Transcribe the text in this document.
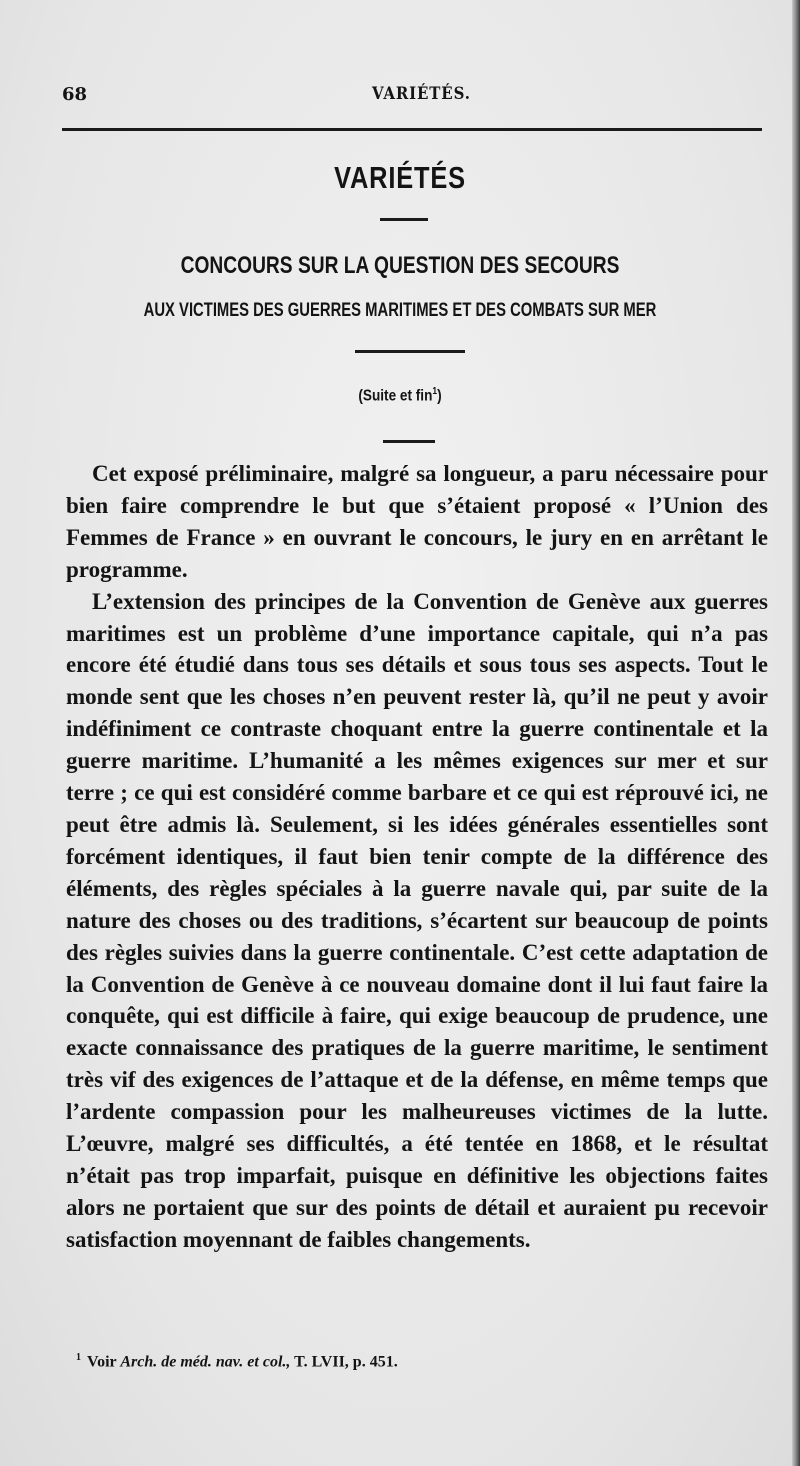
68	VARIÉTÉS.
VARIÉTÉS
CONCOURS SUR LA QUESTION DES SECOURS
AUX VICTIMES DES GUERRES MARITIMES ET DES COMBATS SUR MER
(Suite et fin$^1$)

Cet exposé préliminaire, malgré sa longueur, a paru nécessaire pour bien faire comprendre le but que s’étaient proposé « l’Union des Femmes de France » en ouvrant le concours, le jury en en arrêtant le programme.

L’extension des principes de la Convention de Genève aux guerres maritimes est un problème d’une importance capitale, qui n’a pas encore été étudié dans tous ses détails et sous tous ses aspects. Tout le monde sent que les choses n’en peuvent rester là, qu’il ne peut y avoir indéfiniment ce contraste choquant entre la guerre continentale et la guerre maritime. L’humanité a les mêmes exigences sur mer et sur terre ; ce qui est considéré comme barbare et ce qui est réprouvé ici, ne peut être admis là. Seulement, si les idées générales essentielles sont forcément identiques, il faut bien tenir compte de la différence des éléments, des règles spéciales à la guerre navale qui, par suite de la nature des choses ou des traditions, s’écartent sur beaucoup de points des règles suivies dans la guerre continentale. C’est cette adaptation de la Convention de Genève à ce nouveau domaine dont il lui faut faire la conquête, qui est difficile à faire, qui exige beaucoup de prudence, une exacte connaissance des pratiques de la guerre maritime, le sentiment très vif des exigences de l’attaque et de la défense, en même temps que l’ardente compassion pour les malheureuses victimes de la lutte. L’œuvre, malgré ses difficultés, a été tentée en 1868, et le résultat n’était pas trop imparfait, puisque en définitive les objections faites alors ne portaient que sur des points de détail et auraient pu recevoir satisfaction moyennant de faibles changements.

$^1$ Voir Arch. de méd. nav. et col., T. LVII, p. 451.
